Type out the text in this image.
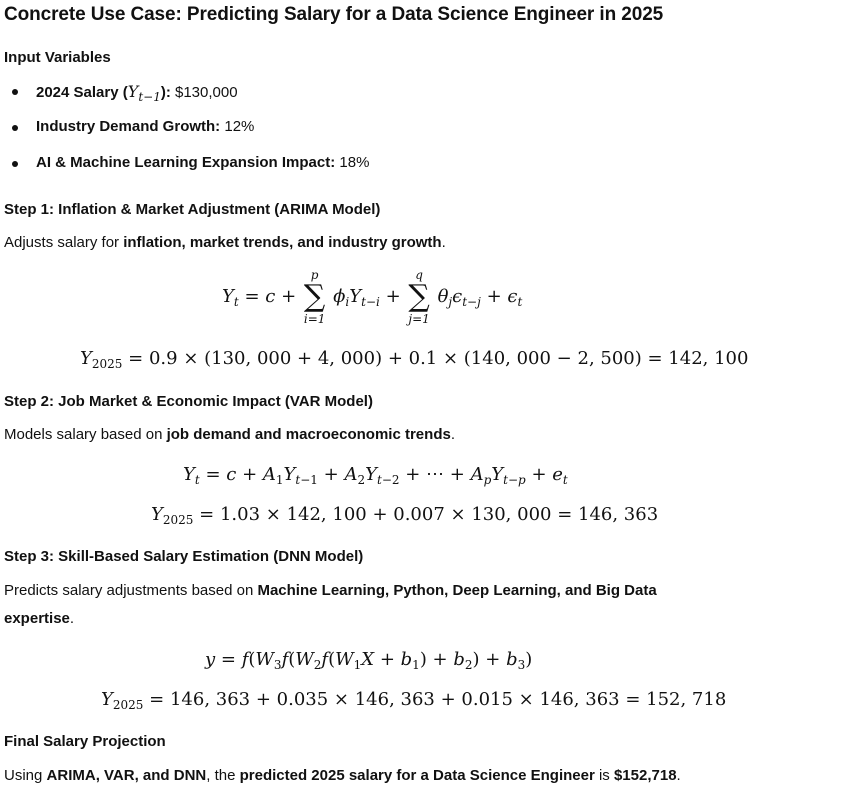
Concrete Use Case: Predicting Salary for a Data Science Engineer in 2025
Input Variables
2024 Salary $(Y_{t-1})$: $130,000
Industry Demand Growth: 12%
AI & Machine Learning Expansion Impact: 18%
Step 1: Inflation & Market Adjustment (ARIMA Model)
Adjusts salary for inflation, market trends, and industry growth.
$Y_t = c$ +
p
∑
i=1
$\phi_iY_{t-i}$ +
q
∑
j=1
$\theta_j\epsilon_{t-j} + \epsilon_t$
$Y_{2025} = 0.9 \times (130$, 000 + 4, 000) + 0.1 × (140, 000 − 2, 500) = 142, 100
Step 2: Job Market & Economic Impact (VAR Model)
Models salary based on job demand and macroeconomic trends.
$Y_t = c + A_1Y_{t-1} + A_2Y_{t-2}$ + ⋯ + $A_pY_{t-p} + e_t$
$Y_{2025} = 1.03 \times 142$, 100 + 0.007 × 130, 000 = 146, 363
Step 3: Skill-Based Salary Estimation (DNN Model)
Predicts salary adjustments based on Machine Learning, Python, Deep Learning, and Big Data
expertise.
$y = f(W_3f(W_2f(W_1X + b_1) + b_2) + b_3)$
$Y_{2025} = 146$, 363 + 0.035 × 146, 363 + 0.015 × 146, 363 = 152, 718
Final Salary Projection
Using ARIMA, VAR, and DNN, the predicted 2025 salary for a Data Science Engineer is $152,718.
